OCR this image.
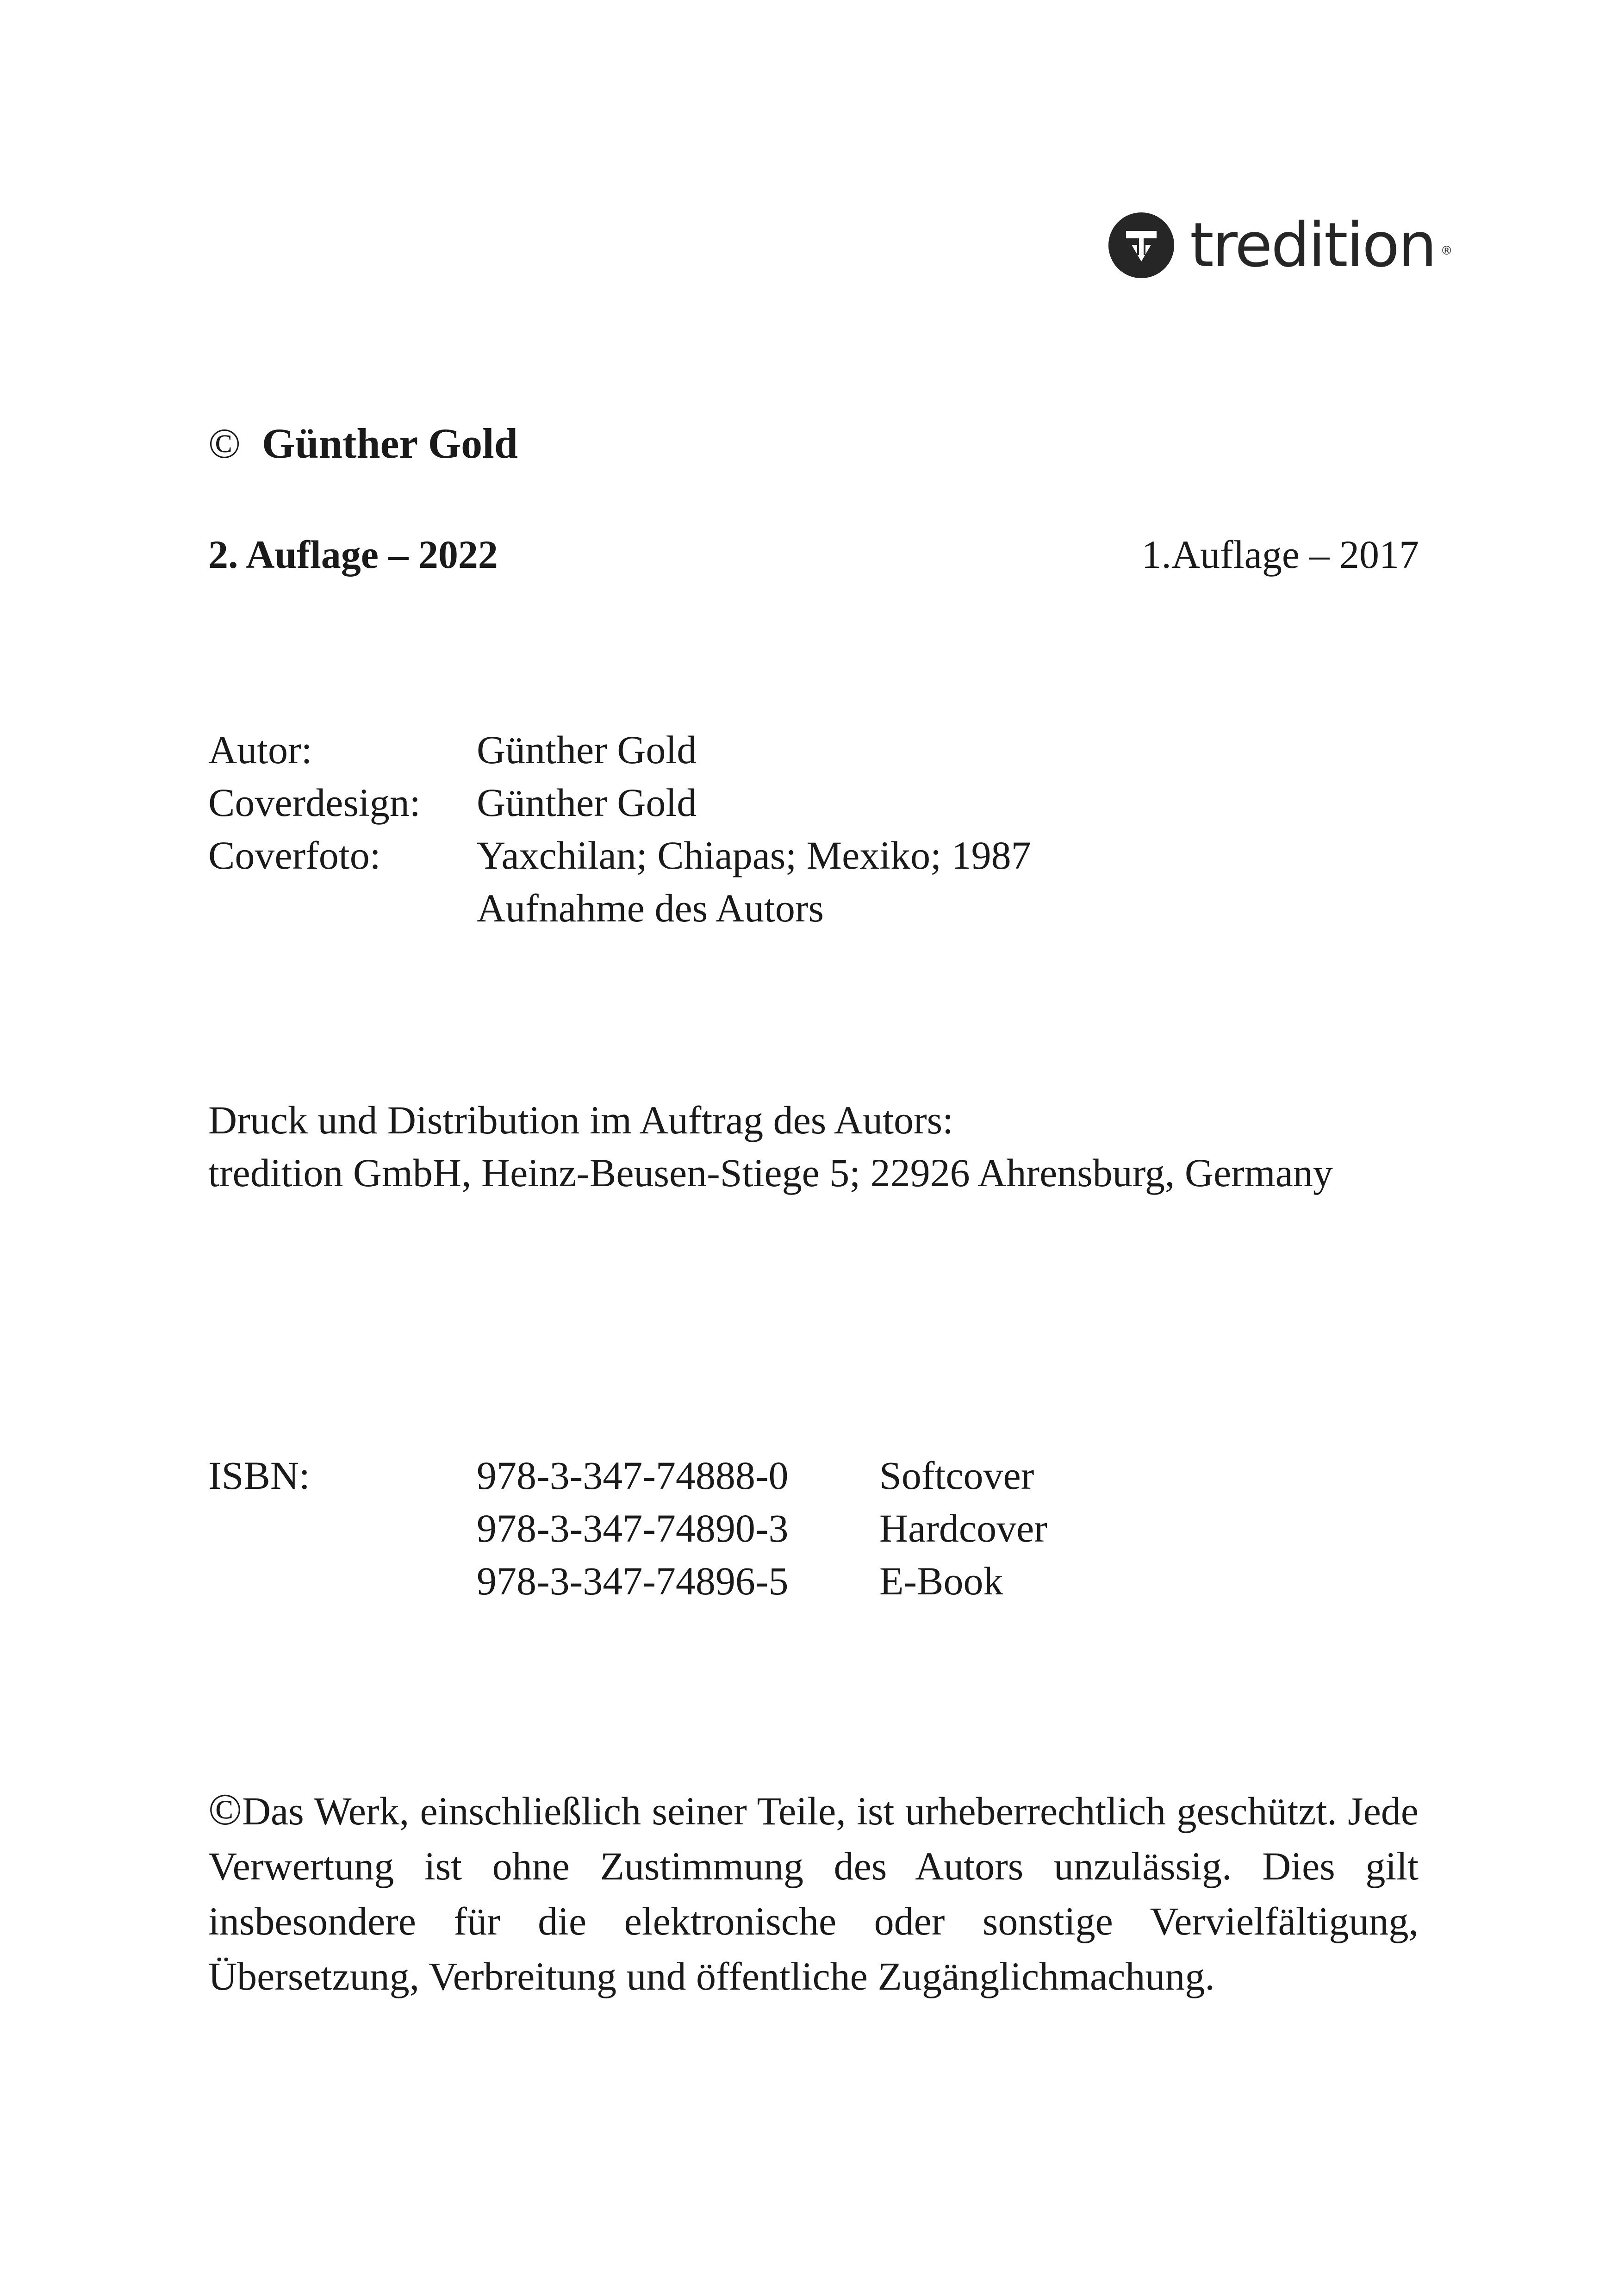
tredition ®
© Günther Gold
2. Auflage – 2022	1.Auflage – 2017
Autor:	Günther Gold
Coverdesign:	Günther Gold
Coverfoto:	Yaxchilan; Chiapas; Mexiko; 1987
Aufnahme des Autors
Druck und Distribution im Auftrag des Autors:
tredition GmbH, Heinz-Beusen-Stiege 5; 22926 Ahrensburg, Germany
ISBN:	978-3-347-74888-0	Softcover
978-3-347-74890-3	Hardcover
978-3-347-74896-5	E-Book
©Das Werk, einschließlich seiner Teile, ist urheberrechtlich geschützt. Jede Verwertung ist ohne Zustimmung des Autors unzulässig. Dies gilt insbesondere für die elektronische oder sonstige Vervielfältigung, Übersetzung, Verbreitung und öffentliche Zugänglichmachung.
